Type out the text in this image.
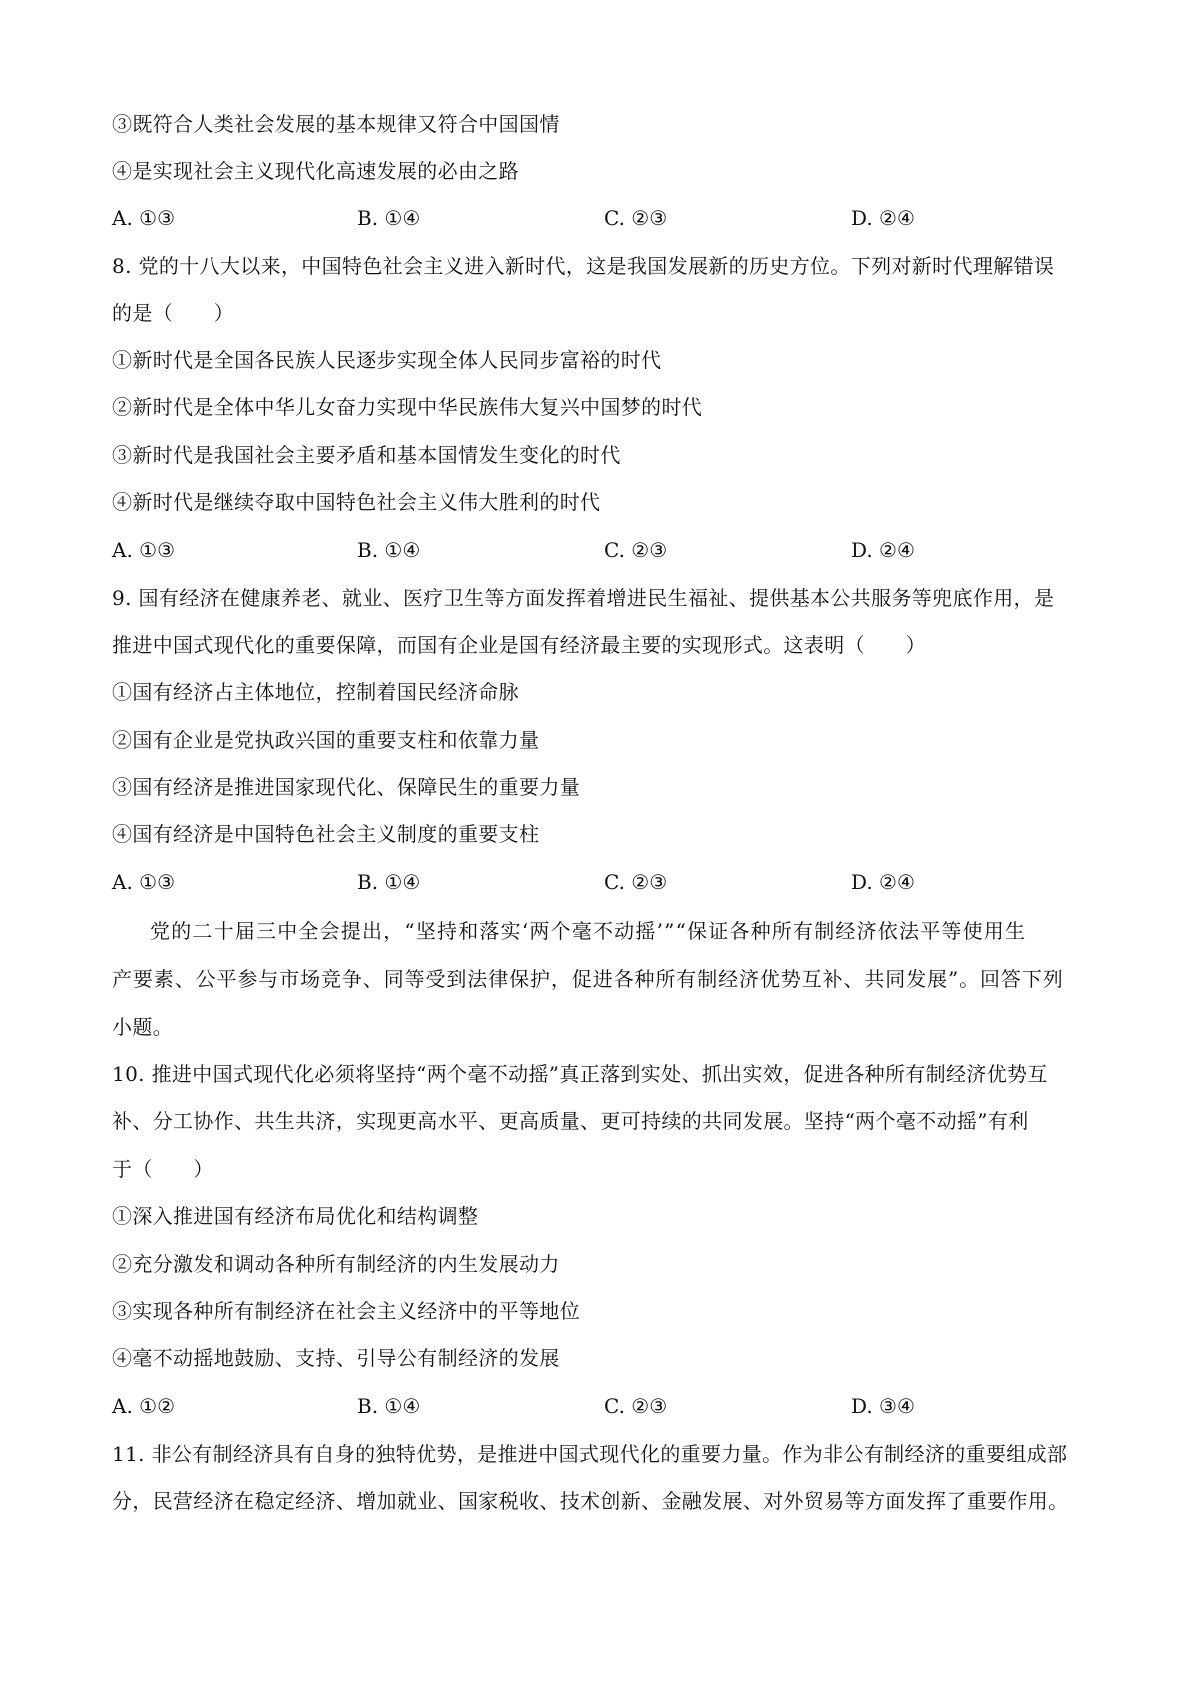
③既符合人类社会发展的基本规律又符合中国国情
④是实现社会主义现代化高速发展的必由之路
A. ①③	B. ①④	C. ②③	D. ②④
8. 党的十八大以来，中国特色社会主义进入新时代，这是我国发展新的历史方位。下列对新时代理解错误
的是（　　）
①新时代是全国各民族人民逐步实现全体人民同步富裕的时代
②新时代是全体中华儿女奋力实现中华民族伟大复兴中国梦的时代
③新时代是我国社会主要矛盾和基本国情发生变化的时代
④新时代是继续夺取中国特色社会主义伟大胜利的时代
A. ①③	B. ①④	C. ②③	D. ②④
9. 国有经济在健康养老、就业、医疗卫生等方面发挥着增进民生福祉、提供基本公共服务等兜底作用，是
推进中国式现代化的重要保障，而国有企业是国有经济最主要的实现形式。这表明（　　）
①国有经济占主体地位，控制着国民经济命脉
②国有企业是党执政兴国的重要支柱和依靠力量
③国有经济是推进国家现代化、保障民生的重要力量
④国有经济是中国特色社会主义制度的重要支柱
A. ①③	B. ①④	C. ②③	D. ②④
党的二十届三中全会提出，“坚持和落实‘两个毫不动摇’”“保证各种所有制经济依法平等使用生
产要素、公平参与市场竞争、同等受到法律保护，促进各种所有制经济优势互补、共同发展”。回答下列
小题。
10. 推进中国式现代化必须将坚持“两个毫不动摇”真正落到实处、抓出实效，促进各种所有制经济优势互
补、分工协作、共生共济，实现更高水平、更高质量、更可持续的共同发展。坚持“两个毫不动摇”有利
于（　　）
①深入推进国有经济布局优化和结构调整
②充分激发和调动各种所有制经济的内生发展动力
③实现各种所有制经济在社会主义经济中的平等地位
④毫不动摇地鼓励、支持、引导公有制经济的发展
A. ①②	B. ①④	C. ②③	D. ③④
11. 非公有制经济具有自身的独特优势，是推进中国式现代化的重要力量。作为非公有制经济的重要组成部
分，民营经济在稳定经济、增加就业、国家税收、技术创新、金融发展、对外贸易等方面发挥了重要作用。
